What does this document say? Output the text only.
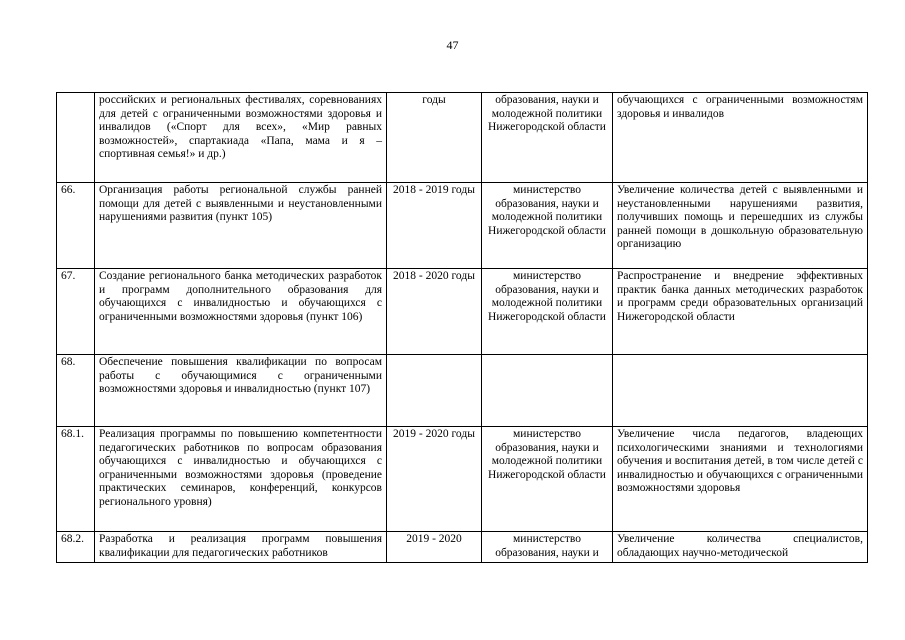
47
	российских и региональных фестивалях, соревнованиях для детей с ограниченными возможностями здоровья и инвалидов («Спорт для всех», «Мир равных возможностей», спартакиада «Папа, мама и я – спортивная семья!» и др.)	годы	образования, науки и молодежной политики Нижегородской области	обучающихся с ограниченными возможностям здоровья и инвалидов
66.	Организация работы региональной службы ранней помощи для детей с выявленными и неустановленными нарушениями развития (пункт 105)	2018 - 2019 годы	министерство образования, науки и молодежной политики Нижегородской области	Увеличение количества детей с выявленными и неустановленными нарушениями развития, получивших помощь и перешедших из службы ранней помощи в дошкольную образовательную организацию
67.	Создание регионального банка методических разработок и программ дополнительного образования для обучающихся с инвалидностью и обучающихся с ограниченными возможностями здоровья (пункт 106)	2018 - 2020 годы	министерство образования, науки и молодежной политики Нижегородской области	Распространение и внедрение эффективных практик банка данных методических разработок и программ среди образовательных организаций Нижегородской области
68.	Обеспечение повышения квалификации по вопросам работы с обучающимися с ограниченными возможностями здоровья и инвалидностью (пункт 107)			
68.1.	Реализация программы по повышению компетентности педагогических работников по вопросам образования обучающихся с инвалидностью и обучающихся с ограниченными возможностями здоровья (проведение практических семинаров, конференций, конкурсов регионального уровня)	2019 - 2020 годы	министерство образования, науки и молодежной политики Нижегородской области	Увеличение числа педагогов, владеющих психологическими знаниями и технологиями обучения и воспитания детей, в том числе детей с инвалидностью и обучающихся с ограниченными возможностями здоровья
68.2.	Разработка и реализация программ повышения квалификации для педагогических работников	2019 - 2020	министерство образования, науки и	Увеличение количества специалистов, обладающих научно-методической
